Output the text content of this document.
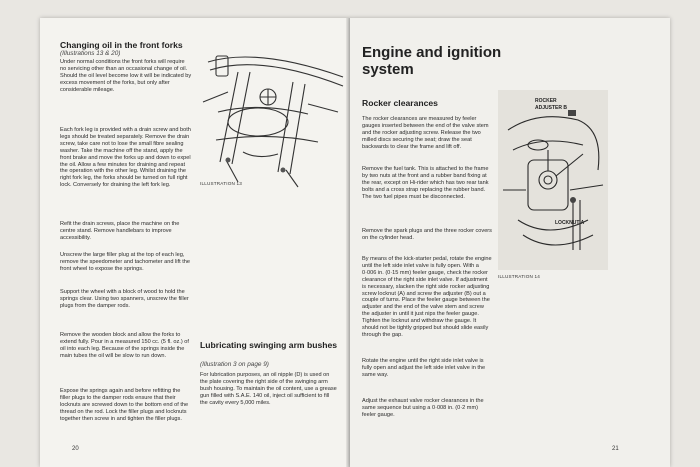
Changing oil in the front forks
(Illustrations 13 & 20)
Under normal conditions the front forks will require no servicing other than an occasional change of oil. Should the oil level become low it will be indicated by excess movement of the forks, but only after considerable mileage.
Each fork leg is provided with a drain screw and both legs should be treated separately. Remove the drain screw, take care not to lose the small fibre sealing washer. Take the machine off the stand, apply the front brake and move the forks up and down to expel the oil. Allow a few minutes for draining and repeat the operation with the other leg. Whilst draining the right fork leg, the forks should be turned on full right lock. Conversely for draining the left fork leg.
Refit the drain screws, place the machine on the centre stand. Remove handlebars to improve accessibility.
Unscrew the large filler plug at the top of each leg, remove the speedometer and tachometer and lift the front wheel to expose the springs.
Support the wheel with a block of wood to hold the springs clear. Using two spanners, unscrew the filler plugs from the damper rods.
Remove the wooden block and allow the forks to extend fully. Pour in a measured 150 cc. (5 fl. oz.) of oil into each leg. Because of the springs inside the main tubes the oil will be slow to run down.
Expose the springs again and before refitting the filler plugs to the damper rods ensure that their locknuts are screwed down to the bottom end of the thread on the rod. Lock the filler plugs and locknuts together then screw in and tighten the filler plugs.
ILLUSTRATION 13
Lubricating swinging arm bushes
(Illustration 3 on page 9)
For lubrication purposes, an oil nipple (D) is used on the plate covering the right side of the swinging arm bush housing. To maintain the oil content, use a grease gun filled with S.A.E. 140 oil, inject oil sufficient to fill the cavity every 5,000 miles.
20
Engine and ignition system
Rocker clearances
The rocker clearances are measured by feeler gauges inserted between the end of the valve stem and the rocker adjusting screw. Release the two milled discs securing the seat; draw the seat backwards to clear the frame and lift off.
Remove the fuel tank. This is attached to the frame by two nuts at the front and a rubber band fixing at the rear, except on Hi-rider which has two rear tank bolts and a cross strap replacing the rubber band. The two fuel pipes must be disconnected.
Remove the spark plugs and the three rocker covers on the cylinder head.
By means of the kick-starter pedal, rotate the engine until the left side inlet valve is fully open. With a 0·006 in. (0·15 mm) feeler gauge, check the rocker clearance of the right side inlet valve. If adjustment is necessary, slacken the right side rocker adjusting screw locknut (A) and screw the adjuster (B) out a couple of turns. Place the feeler gauge between the adjuster and the end of the valve stem and screw the adjuster in until it just nips the feeler gauge. Tighten the locknut and withdraw the gauge. It should not be tightly gripped but should slide easily through the gap.
Rotate the engine until the right side inlet valve is fully open and adjust the left side inlet valve in the same way.
Adjust the exhaust valve rocker clearances in the same sequence but using a 0·008 in. (0·2 mm) feeler gauge.
ROCKER
ADJUSTER B
LOCKNUT A
ILLUSTRATION 14
21
